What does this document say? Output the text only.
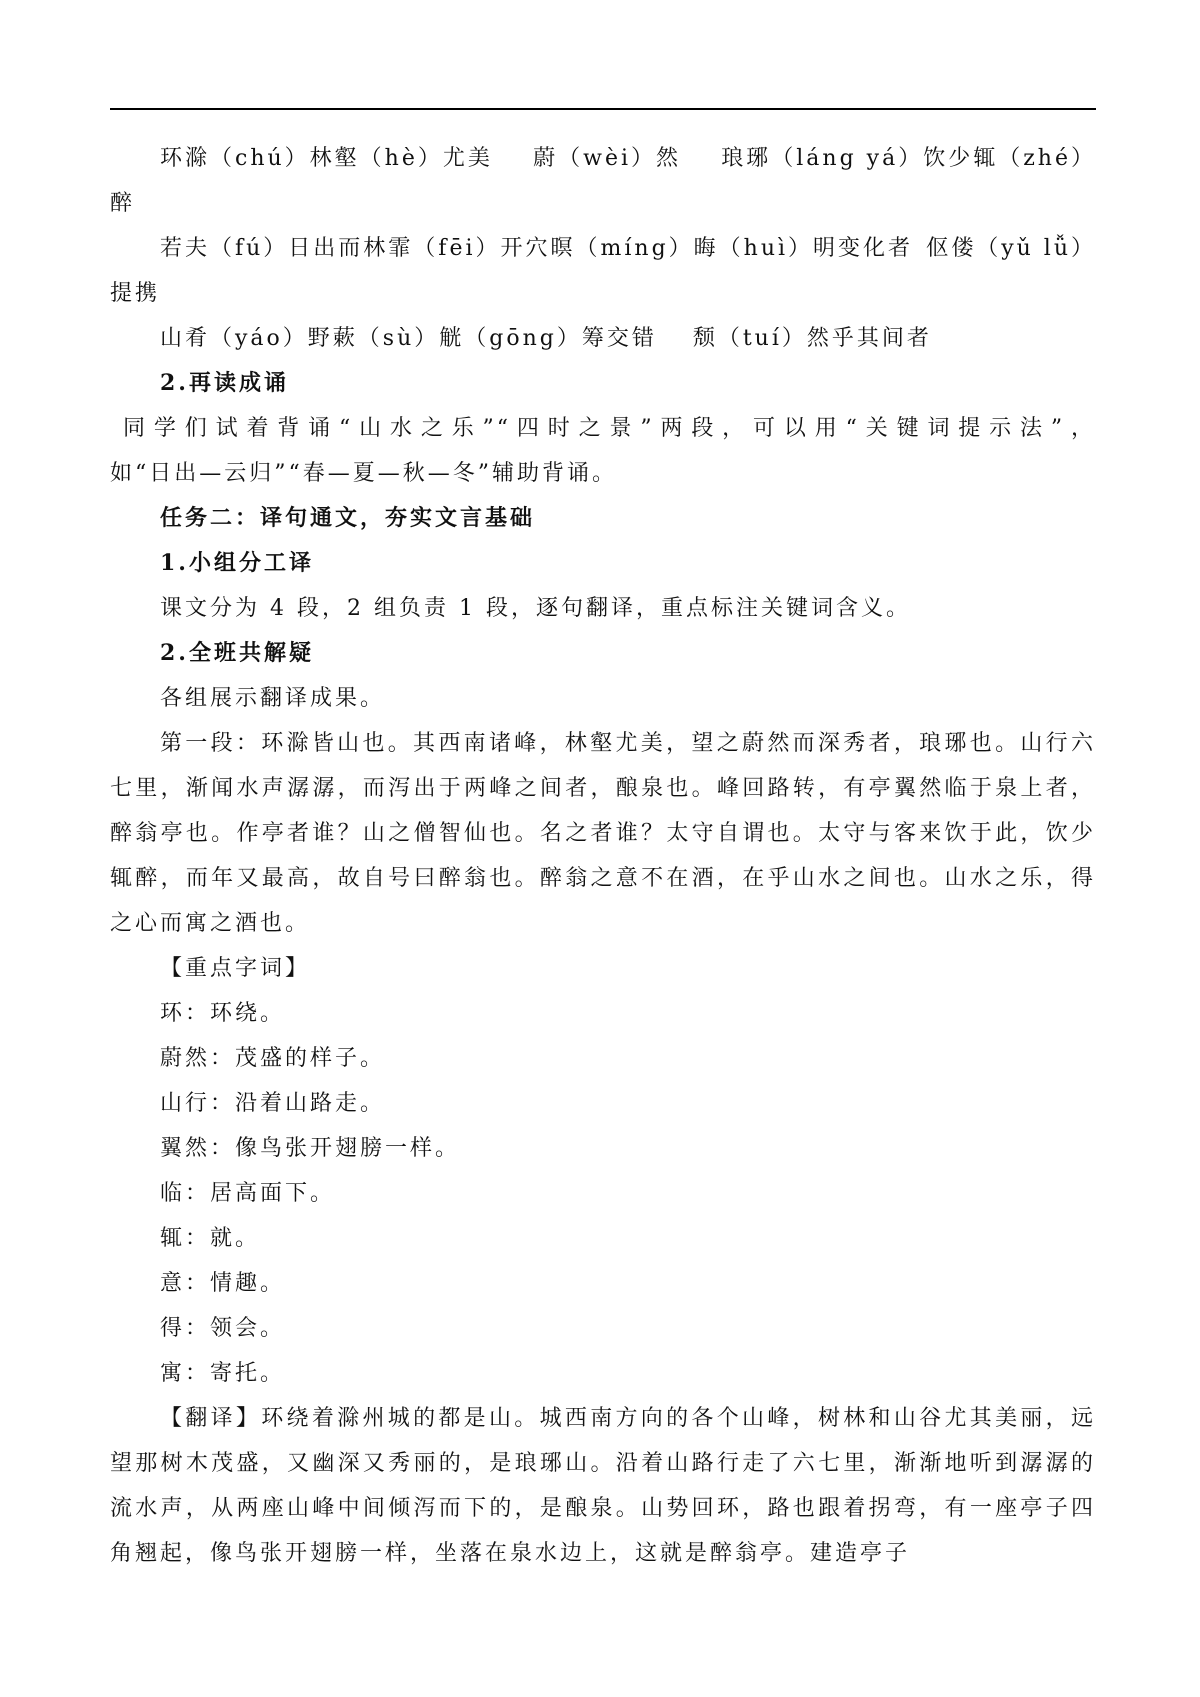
环滁（chú）林壑（hè）尤美 蔚（wèi）然 琅琊（láng yá）饮少辄（zhé）

醉

若夫（fú）日出而林霏（fēi）开穴暝（míng）晦（huì）明变化者 伛偻（yǔ lǚ）

提携

山肴（yáo）野蔌（sù）觥（gōng）筹交错 颓（tuí）然乎其间者

2.再读成诵

同学们试着背诵“山水之乐”“四时之景”两段，可以用“关键词提示法”，

如“日出—云归”“春—夏—秋—冬”辅助背诵。

任务二：译句通文，夯实文言基础

1.小组分工译

课文分为 4 段，2 组负责 1 段，逐句翻译，重点标注关键词含义。

2.全班共解疑

各组展示翻译成果。

第一段：环滁皆山也。其西南诸峰，林壑尤美，望之蔚然而深秀者，琅琊也。山行六七里，渐闻水声潺潺，而泻出于两峰之间者，酿泉也。峰回路转，有亭翼然临于泉上者，醉翁亭也。作亭者谁？山之僧智仙也。名之者谁？太守自谓也。太守与客来饮于此，饮少辄醉，而年又最高，故自号曰醉翁也。醉翁之意不在酒，在乎山水之间也。山水之乐，得之心而寓之酒也。

【重点字词】

环：环绕。

蔚然：茂盛的样子。

山行：沿着山路走。

翼然：像鸟张开翅膀一样。

临：居高面下。

辄：就。

意：情趣。

得：领会。

寓：寄托。

【翻译】环绕着滁州城的都是山。城西南方向的各个山峰，树林和山谷尤其美丽，远望那树木茂盛，又幽深又秀丽的，是琅琊山。沿着山路行走了六七里，渐渐地听到潺潺的流水声，从两座山峰中间倾泻而下的，是酿泉。山势回环，路也跟着拐弯，有一座亭子四角翘起，像鸟张开翅膀一样，坐落在泉水边上，这就是醉翁亭。建造亭子
